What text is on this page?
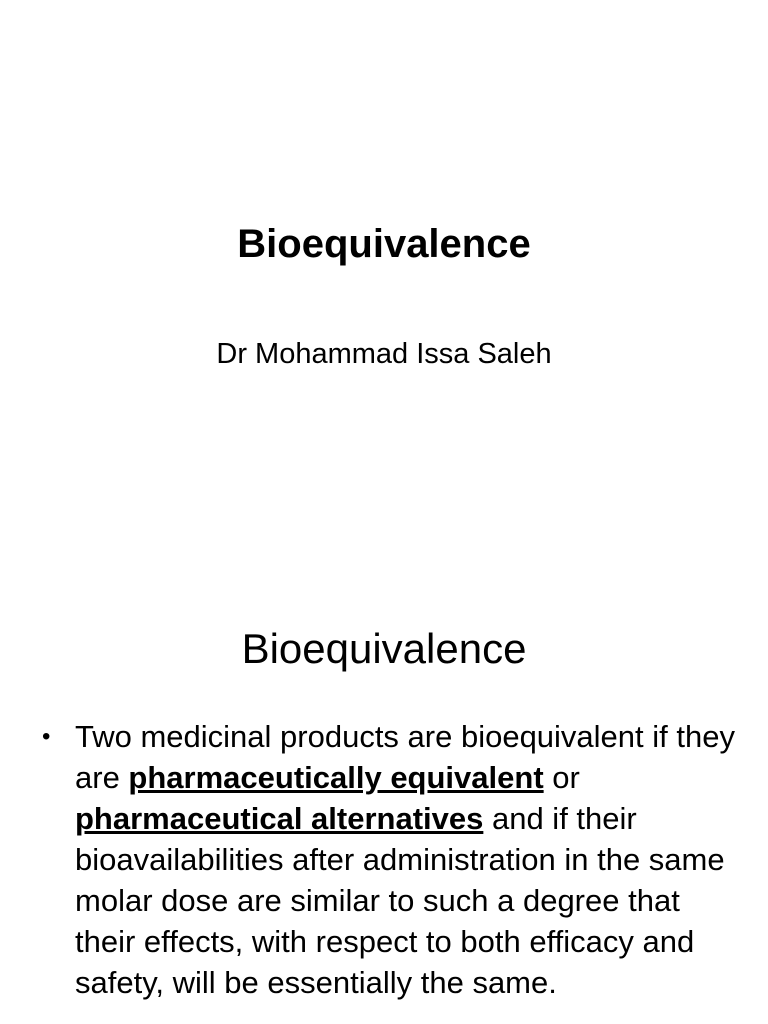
Bioequivalence
Dr Mohammad Issa Saleh
Bioequivalence
• Two medicinal products are bioequivalent if they are pharmaceutically equivalent or pharmaceutical alternatives and if their bioavailabilities after administration in the same molar dose are similar to such a degree that their effects, with respect to both efficacy and safety, will be essentially the same.
